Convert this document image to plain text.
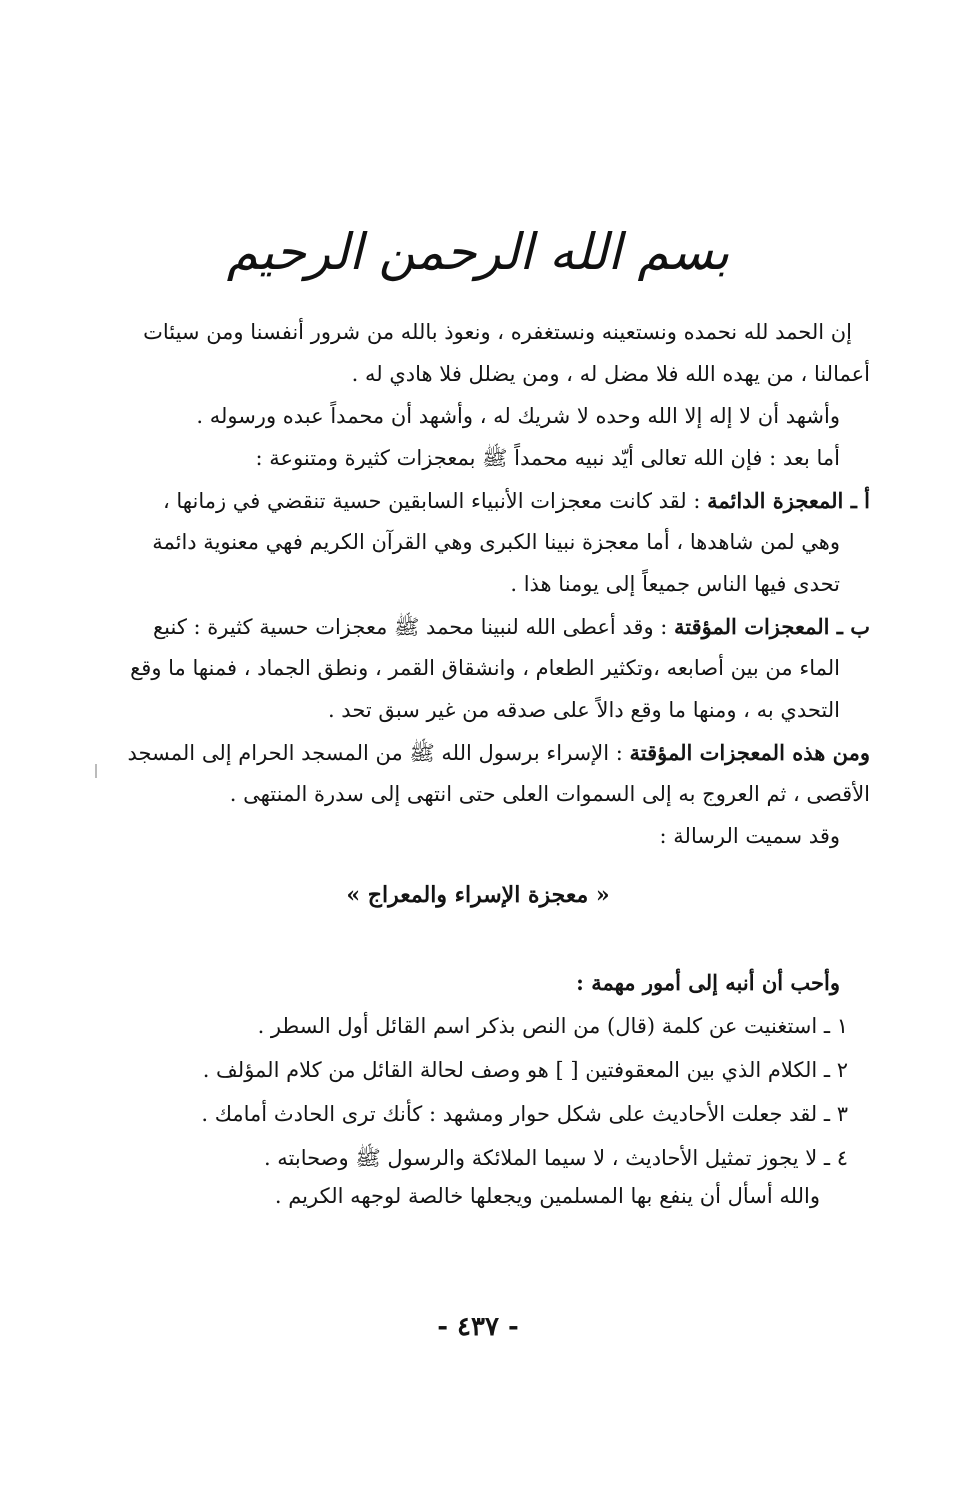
بسم الله الرحمن الرحيم
إن الحمد لله نحمده ونستعينه ونستغفره ، ونعوذ بالله من شرور أنفسنا ومن سيئات
أعمالنا ، من يهده الله فلا مضل له ، ومن يضلل فلا هادي له .
وأشهد أن لا إله إلا الله وحده لا شريك له ، وأشهد أن محمداً عبده ورسوله .
أما بعد : فإن الله تعالى أيّد نبيه محمداً ﷺ بمعجزات كثيرة ومتنوعة :
أ ـ المعجزة الدائمة : لقد كانت معجزات الأنبياء السابقين حسية تنقضي في زمانها ،
وهي لمن شاهدها ، أما معجزة نبينا الكبرى وهي القرآن الكريم فهي معنوية دائمة
تحدى فيها الناس جميعاً إلى يومنا هذا .
ب ـ المعجزات المؤقتة : وقد أعطى الله لنبينا محمد ﷺ معجزات حسية كثيرة : كنبع
الماء من بين أصابعه ،وتكثير الطعام ، وانشقاق القمر ، ونطق الجماد ، فمنها ما وقع
التحدي به ، ومنها ما وقع دالاً على صدقه من غير سبق تحد .
ومن هذه المعجزات المؤقتة : الإسراء برسول الله ﷺ من المسجد الحرام إلى المسجد
الأقصى ، ثم العروج به إلى السموات العلى حتى انتهى إلى سدرة المنتهى .
وقد سميت الرسالة :
« معجزة الإسراء والمعراج »
وأحب أن أنبه إلى أمور مهمة :
١ ـ استغنيت عن كلمة (قال) من النص بذكر اسم القائل أول السطر .
٢ ـ الكلام الذي بين المعقوفتين [ ] هو وصف لحالة القائل من كلام المؤلف .
٣ ـ لقد جعلت الأحاديث على شكل حوار ومشهد : كأنك ترى الحادث أمامك .
٤ ـ لا يجوز تمثيل الأحاديث ، لا سيما الملائكة والرسول ﷺ وصحابته .
والله أسأل أن ينفع بها المسلمين ويجعلها خالصة لوجهه الكريم .
- ٤٣٧ -
